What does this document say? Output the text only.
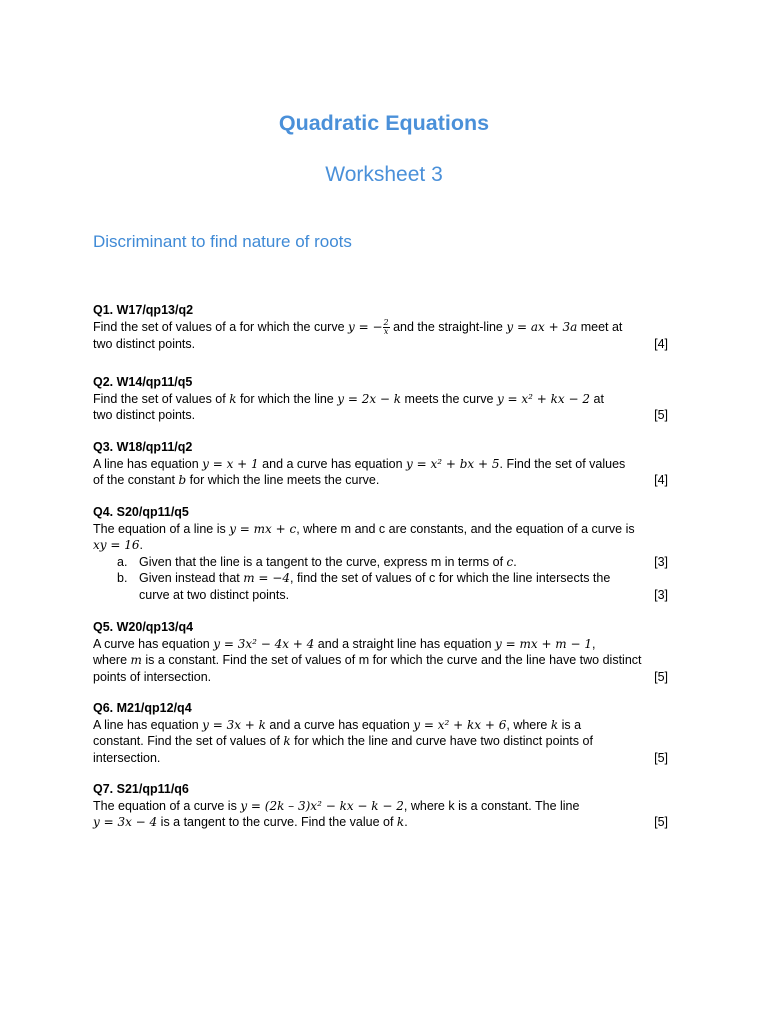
Quadratic Equations
Worksheet 3
Discriminant to find nature of roots
Q1. W17/qp13/q2
Find the set of values of a for which the curve y = − $\frac{2}{x}$ and the straight-line y = ax + 3a meet at
two distinct points.	[4]
Q2. W14/qp11/q5
Find the set of values of k for which the line y = 2x − k meets the curve y = x² + kx − 2 at
two distinct points.	[5]
Q3. W18/qp11/q2
A line has equation y = x + 1 and a curve has equation y = x² + bx + 5. Find the set of values
of the constant b for which the line meets the curve.	[4]
Q4. S20/qp11/q5
The equation of a line is y = mx + c, where m and c are constants, and the equation of a curve is
xy = 16.
a. Given that the line is a tangent to the curve, express m in terms of c.	[3]
b. Given instead that m = −4, find the set of values of c for which the line intersects the
curve at two distinct points.	[3]
Q5. W20/qp13/q4
A curve has equation y = 3x² − 4x + 4 and a straight line has equation y = mx + m − 1,
where m is a constant. Find the set of values of m for which the curve and the line have two distinct
points of intersection.	[5]
Q6. M21/qp12/q4
A line has equation y = 3x + k and a curve has equation y = x² + kx + 6, where k is a
constant. Find the set of values of k for which the line and curve have two distinct points of
intersection.	[5]
Q7. S21/qp11/q6
The equation of a curve is y = (2k – 3)x² − kx − k − 2, where k is a constant. The line
y = 3x − 4 is a tangent to the curve. Find the value of k.	[5]
